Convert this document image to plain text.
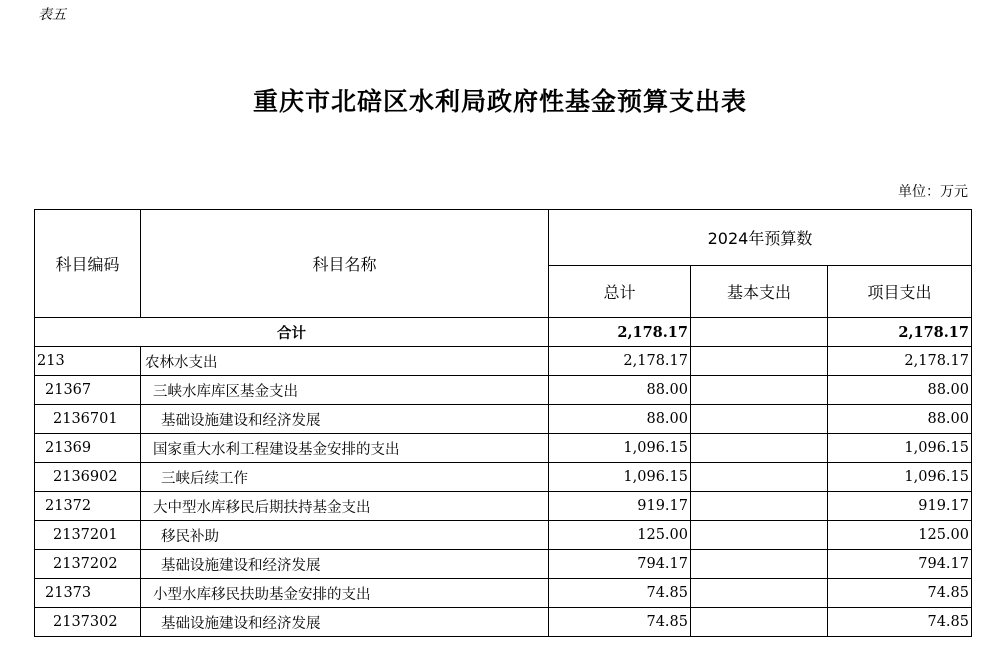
表五
重庆市北碚区水利局政府性基金预算支出表
单位：万元
科目编码	科目名称	2024年预算数		
		总计	基本支出	项目支出
合计		2,178.17		2,178.17
213	农林水支出	2,178.17		2,178.17
21367	三峡水库库区基金支出	88.00		88.00
2136701	基础设施建设和经济发展	88.00		88.00
21369	国家重大水利工程建设基金安排的支出	1,096.15		1,096.15
2136902	三峡后续工作	1,096.15		1,096.15
21372	大中型水库移民后期扶持基金支出	919.17		919.17
2137201	移民补助	125.00		125.00
2137202	基础设施建设和经济发展	794.17		794.17
21373	小型水库移民扶助基金安排的支出	74.85		74.85
2137302	基础设施建设和经济发展	74.85		74.85
